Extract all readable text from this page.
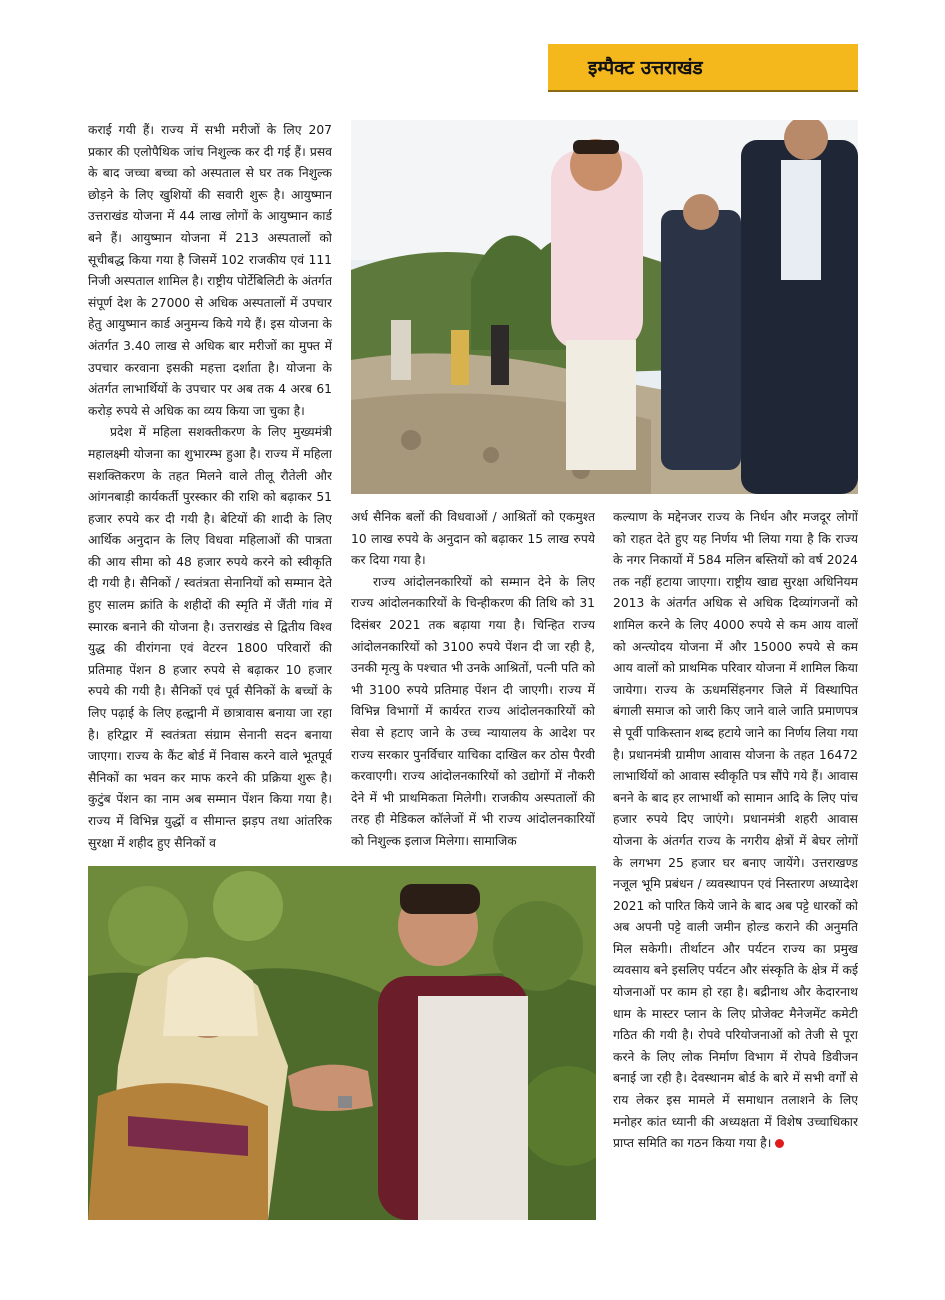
इम्पैक्ट उत्तराखंड

कराई गयी हैं। राज्य में सभी मरीजों के लिए 207 प्रकार की एलोपैथिक जांच निशुल्क कर दी गई हैं। प्रसव के बाद जच्चा बच्चा को अस्पताल से घर तक निशुल्क छोड़ने के लिए खुशियों की सवारी शुरू है। आयुष्मान उत्तराखंड योजना में 44 लाख लोगों के आयुष्मान कार्ड बने हैं। आयुष्मान योजना में 213 अस्पतालों को सूचीबद्ध किया गया है जिसमें 102 राजकीय एवं 111 निजी अस्पताल शामिल है। राष्ट्रीय पोर्टेबिलिटी के अंतर्गत संपूर्ण देश के 27000 से अधिक अस्पतालों में उपचार हेतु आयुष्मान कार्ड अनुमन्य किये गये हैं। इस योजना के अंतर्गत 3.40 लाख से अधिक बार मरीजों का मुफ्त में उपचार करवाना इसकी महत्ता दर्शाता है। योजना के अंतर्गत लाभार्थियों के उपचार पर अब तक 4 अरब 61 करोड़ रुपये से अधिक का व्यय किया जा चुका है।

प्रदेश में महिला सशक्तीकरण के लिए मुख्यमंत्री महालक्ष्मी योजना का शुभारम्भ हुआ है। राज्य में महिला सशक्तिकरण के तहत मिलने वाले तीलू रौतेली और आंगनबाड़ी कार्यकर्ती पुरस्कार की राशि को बढ़ाकर 51 हजार रुपये कर दी गयी है। बेटियों की शादी के लिए आर्थिक अनुदान के लिए विधवा महिलाओं की पात्रता की आय सीमा को 48 हजार रुपये करने को स्वीकृति दी गयी है। सैनिकों / स्वतंत्रता सेनानियों को सम्मान देते हुए सालम क्रांति के शहीदों की स्मृति में जैंती गांव में स्मारक बनाने की योजना है। उत्तराखंड से द्वितीय विश्व युद्ध की वीरांगना एवं वेटरन 1800 परिवारों की प्रतिमाह पेंशन 8 हजार रुपये से बढ़ाकर 10 हजार रुपये की गयी है। सैनिकों एवं पूर्व सैनिकों के बच्चों के लिए पढ़ाई के लिए हल्द्वानी में छात्रावास बनाया जा रहा है। हरिद्वार में स्वतंत्रता संग्राम सेनानी सदन बनाया जाएगा। राज्य के कैंट बोर्ड में निवास करने वाले भूतपूर्व सैनिकों का भवन कर माफ करने की प्रक्रिया शुरू है। कुटुंब पेंशन का नाम अब सम्मान पेंशन किया गया है। राज्य में विभिन्न युद्धों व सीमान्त झड़प तथा आंतरिक सुरक्षा में शहीद हुए सैनिकों व

अर्ध सैनिक बलों की विधवाओं / आश्रितों को एकमुश्त 10 लाख रुपये के अनुदान को बढ़ाकर 15 लाख रुपये कर दिया गया है।

राज्य आंदोलनकारियों को सम्मान देने के लिए राज्य आंदोलनकारियों के चिन्हीकरण की तिथि को 31 दिसंबर 2021 तक बढ़ाया गया है। चिन्हित राज्य आंदोलनकारियों को 3100 रुपये पेंशन दी जा रही है, उनकी मृत्यु के पश्चात भी उनके आश्रितों, पत्नी पति को भी 3100 रुपये प्रतिमाह पेंशन दी जाएगी। राज्य में विभिन्न विभागों में कार्यरत राज्य आंदोलनकारियों को सेवा से हटाए जाने के उच्च न्यायालय के आदेश पर राज्य सरकार पुनर्विचार याचिका दाखिल कर ठोस पैरवी करवाएगी। राज्य आंदोलनकारियों को उद्योगों में नौकरी देने में भी प्राथमिकता मिलेगी। राजकीय अस्पतालों की तरह ही मेडिकल कॉलेजों में भी राज्य आंदोलनकारियों को निशुल्क इलाज मिलेगा। सामाजिक

कल्याण के मद्देनजर राज्य के निर्धन और मजदूर लोगों को राहत देते हुए यह निर्णय भी लिया गया है कि राज्य के नगर निकायों में 584 मलिन बस्तियों को वर्ष 2024 तक नहीं हटाया जाएगा। राष्ट्रीय खाद्य सुरक्षा अधिनियम 2013 के अंतर्गत अधिक से अधिक दिव्यांगजनों को शामिल करने के लिए 4000 रुपये से कम आय वालों को अन्त्योदय योजना में और 15000 रुपये से कम आय वालों को प्राथमिक परिवार योजना में शामिल किया जायेगा। राज्य के ऊधमसिंहनगर जिले में विस्थापित बंगाली समाज को जारी किए जाने वाले जाति प्रमाणपत्र से पूर्वी पाकिस्तान शब्द हटाये जाने का निर्णय लिया गया है। प्रधानमंत्री ग्रामीण आवास योजना के तहत 16472 लाभार्थियों को आवास स्वीकृति पत्र सौंपे गये हैं। आवास बनने के बाद हर लाभार्थी को सामान आदि के लिए पांच हजार रुपये दिए जाएंगे। प्रधानमंत्री शहरी आवास योजना के अंतर्गत राज्य के नगरीय क्षेत्रों में बेघर लोगों के लगभग 25 हजार घर बनाए जायेंगे। उत्तराखण्ड नजूल भूमि प्रबंधन / व्यवस्थापन एवं निस्तारण अध्यादेश 2021 को पारित किये जाने के बाद अब पट्टे धारकों को अब अपनी पट्टे वाली जमीन होल्ड कराने की अनुमति मिल सकेगी। तीर्थाटन और पर्यटन राज्य का प्रमुख व्यवसाय बने इसलिए पर्यटन और संस्कृति के क्षेत्र में कई योजनाओं पर काम हो रहा है। बद्रीनाथ और केदारनाथ धाम के मास्टर प्लान के लिए प्रोजेक्ट मैनेजमेंट कमेटी गठित की गयी है। रोपवे परियोजनाओं को तेजी से पूरा करने के लिए लोक निर्माण विभाग में रोपवे डिवीजन बनाई जा रही है। देवस्थानम बोर्ड के बारे में सभी वर्गों से राय लेकर इस मामले में समाधान तलाशने के लिए मनोहर कांत ध्यानी की अध्यक्षता में विशेष उच्चाधिकार प्राप्त समिति का गठन किया गया है।
